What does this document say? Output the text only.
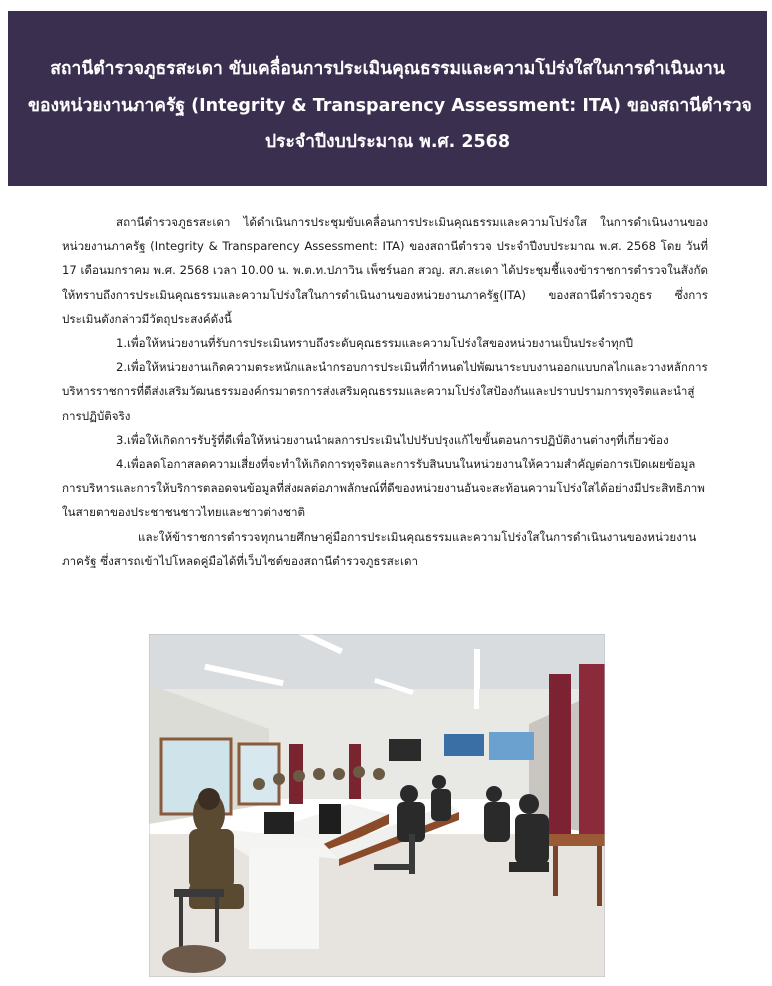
สถานีตำรวจภูธรสะเดา ขับเคลื่อนการประเมินคุณธรรมและความโปร่งใสในการดำเนินงาน
ของหน่วยงานภาครัฐ (Integrity & Transparency Assessment: ITA) ของสถานีตำรวจ
ประจำปีงบประมาณ พ.ศ. 2568

สถานีตำรวจภูธรสะเดา ได้ดำเนินการประชุมขับเคลื่อนการประเมินคุณธรรมและความโปร่งใส ในการดำเนินงานของหน่วยงานภาครัฐ (Integrity & Transparency Assessment: ITA) ของสถานีตำรวจ ประจำปีงบประมาณ พ.ศ. 2568 โดย วันที่ 17 เดือนมกราคม พ.ศ. 2568 เวลา 10.00 น. พ.ต.ท.ปภาวิน เพ็ชร์นอก สวญ. สภ.สะเดา ได้ประชุมชี้แจงข้าราชการตำรวจในสังกัดให้ทราบถึงการประเมินคุณธรรมและความโปร่งใสในการดำเนินงานของหน่วยงานภาครัฐ(ITA) ของสถานีตำรวจภูธร ซึ่งการประเมินดังกล่าวมีวัตถุประสงค์ดังนี้

1.เพื่อให้หน่วยงานที่รับการประเมินทราบถึงระดับคุณธรรมและความโปร่งใสของหน่วยงานเป็นประจำทุกปี

2.เพื่อให้หน่วยงานเกิดความตระหนักและนำกรอบการประเมินที่กำหนดไปพัฒนาระบบงานออกแบบกลไกและวางหลักการบริหารราชการที่ดีส่งเสริมวัฒนธรรมองค์กรมาตรการส่งเสริมคุณธรรมและความโปร่งใสป้องกันและปราบปรามการทุจริตและนำสู่การปฏิบัติจริง

3.เพื่อให้เกิดการรับรู้ที่ดีเพื่อให้หน่วยงานนำผลการประเมินไปปรับปรุงแก้ไขขั้นตอนการปฏิบัติงานต่างๆที่เกี่ยวข้อง

4.เพื่อลดโอกาสลดความเสี่ยงที่จะทำให้เกิดการทุจริตและการรับสินบนในหน่วยงานให้ความสำคัญต่อการเปิดเผยข้อมูลการบริหารและการให้บริการตลอดจนข้อมูลที่ส่งผลต่อภาพลักษณ์ที่ดีของหน่วยงานอันจะสะท้อนความโปร่งใสได้อย่างมีประสิทธิภาพในสายตาของประชาชนชาวไทยและชาวต่างชาติ

และให้ข้าราชการตำรวจทุกนายศึกษาคู่มือการประเมินคุณธรรมและความโปร่งใสในการดำเนินงานของหน่วยงานภาครัฐ ซึ่งสารถเข้าไปโหลดคู่มือได้ที่เว็บไซต์ของสถานีตำรวจภูธรสะเดา
